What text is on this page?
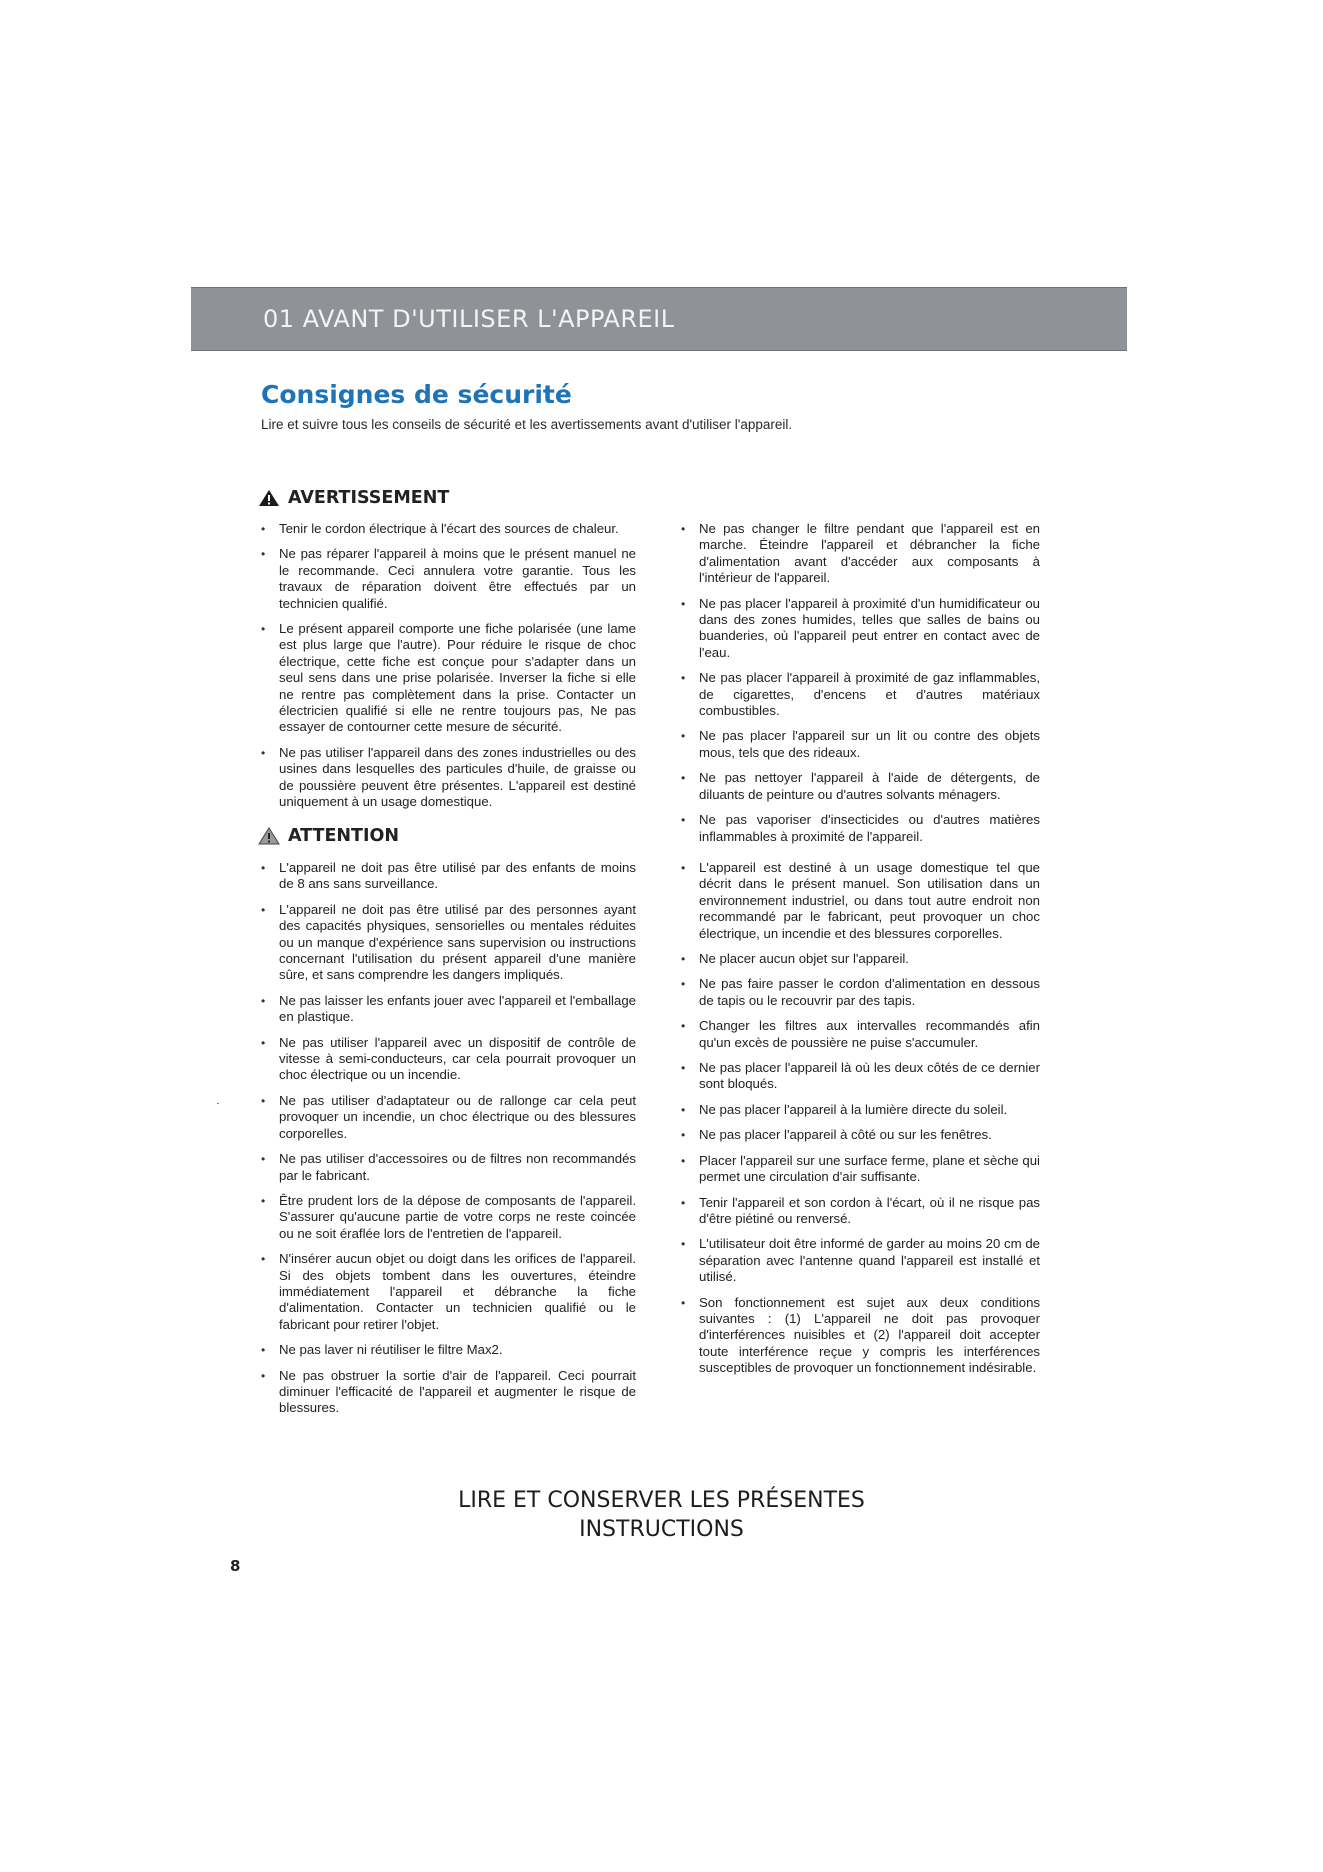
01 AVANT D'UTILISER L'APPAREIL
Consignes de sécurité

Lire et suivre tous les conseils de sécurité et les avertissements avant d'utiliser l'appareil.

AVERTISSEMENT
• Tenir le cordon électrique à l'écart des sources de chaleur.
• Ne pas réparer l'appareil à moins que le présent manuel ne le recommande. Ceci annulera votre garantie. Tous les travaux de réparation doivent être effectués par un technicien qualifié.
• Le présent appareil comporte une fiche polarisée (une lame est plus large que l'autre). Pour réduire le risque de choc électrique, cette fiche est conçue pour s'adapter dans un seul sens dans une prise polarisée. Inverser la fiche si elle ne rentre pas complètement dans la prise. Contacter un électricien qualifié si elle ne rentre toujours pas, Ne pas essayer de contourner cette mesure de sécurité.
• Ne pas utiliser l'appareil dans des zones industrielles ou des usines dans lesquelles des particules d'huile, de graisse ou de poussière peuvent être présentes. L'appareil est destiné uniquement à un usage domestique.
• Ne pas changer le filtre pendant que l'appareil est en marche. Éteindre l'appareil et débrancher la fiche d'alimentation avant d'accéder aux composants à l'intérieur de l'appareil.
• Ne pas placer l'appareil à proximité d'un humidificateur ou dans des zones humides, telles que salles de bains ou buanderies, où l'appareil peut entrer en contact avec de l'eau.
• Ne pas placer l'appareil à proximité de gaz inflammables, de cigarettes, d'encens et d'autres matériaux combustibles.
• Ne pas placer l'appareil sur un lit ou contre des objets mous, tels que des rideaux.
• Ne pas nettoyer l'appareil à l'aide de détergents, de diluants de peinture ou d'autres solvants ménagers.
• Ne pas vaporiser d'insecticides ou d'autres matières inflammables à proximité de l'appareil.
ATTENTION
• L'appareil ne doit pas être utilisé par des enfants de moins de 8 ans sans surveillance.
• L'appareil ne doit pas être utilisé par des personnes ayant des capacités physiques, sensorielles ou mentales réduites ou un manque d'expérience sans supervision ou instructions concernant l'utilisation du présent appareil d'une manière sûre, et sans comprendre les dangers impliqués.
• Ne pas laisser les enfants jouer avec l'appareil et l'emballage en plastique.
• Ne pas utiliser l'appareil avec un dispositif de contrôle de vitesse à semi-conducteurs, car cela pourrait provoquer un choc électrique ou un incendie.
• Ne pas utiliser d'adaptateur ou de rallonge car cela peut provoquer un incendie, un choc électrique ou des blessures corporelles.
• Ne pas utiliser d'accessoires ou de filtres non recommandés par le fabricant.
• Être prudent lors de la dépose de composants de l'appareil. S'assurer qu'aucune partie de votre corps ne reste coincée ou ne soit éraflée lors de l'entretien de l'appareil.
• N'insérer aucun objet ou doigt dans les orifices de l'appareil. Si des objets tombent dans les ouvertures, éteindre immédiatement l'appareil et débranche la fiche d'alimentation. Contacter un technicien qualifié ou le fabricant pour retirer l'objet.
• Ne pas laver ni réutiliser le filtre Max2.
• Ne pas obstruer la sortie d'air de l'appareil. Ceci pourrait diminuer l'efficacité de l'appareil et augmenter le risque de blessures.
• L'appareil est destiné à un usage domestique tel que décrit dans le présent manuel. Son utilisation dans un environnement industriel, ou dans tout autre endroit non recommandé par le fabricant, peut provoquer un choc électrique, un incendie et des blessures corporelles.
• Ne placer aucun objet sur l'appareil.
• Ne pas faire passer le cordon d'alimentation en dessous de tapis ou le recouvrir par des tapis.
• Changer les filtres aux intervalles recommandés afin qu'un excès de poussière ne puise s'accumuler.
• Ne pas placer l'appareil là où les deux côtés de ce dernier sont bloqués.
• Ne pas placer l'appareil à la lumière directe du soleil.
• Ne pas placer l'appareil à côté ou sur les fenêtres.
• Placer l'appareil sur une surface ferme, plane et sèche qui permet une circulation d'air suffisante.
• Tenir l'appareil et son cordon à l'écart, où il ne risque pas d'être piétiné ou renversé.
• L'utilisateur doit être informé de garder au moins 20 cm de séparation avec l'antenne quand l'appareil est installé et utilisé.
• Son fonctionnement est sujet aux deux conditions suivantes : (1) L'appareil ne doit pas provoquer d'interférences nuisibles et (2) l'appareil doit accepter toute interférence reçue y compris les interférences susceptibles de provoquer un fonctionnement indésirable.
LIRE ET CONSERVER LES PRÉSENTES
INSTRUCTIONS
8
